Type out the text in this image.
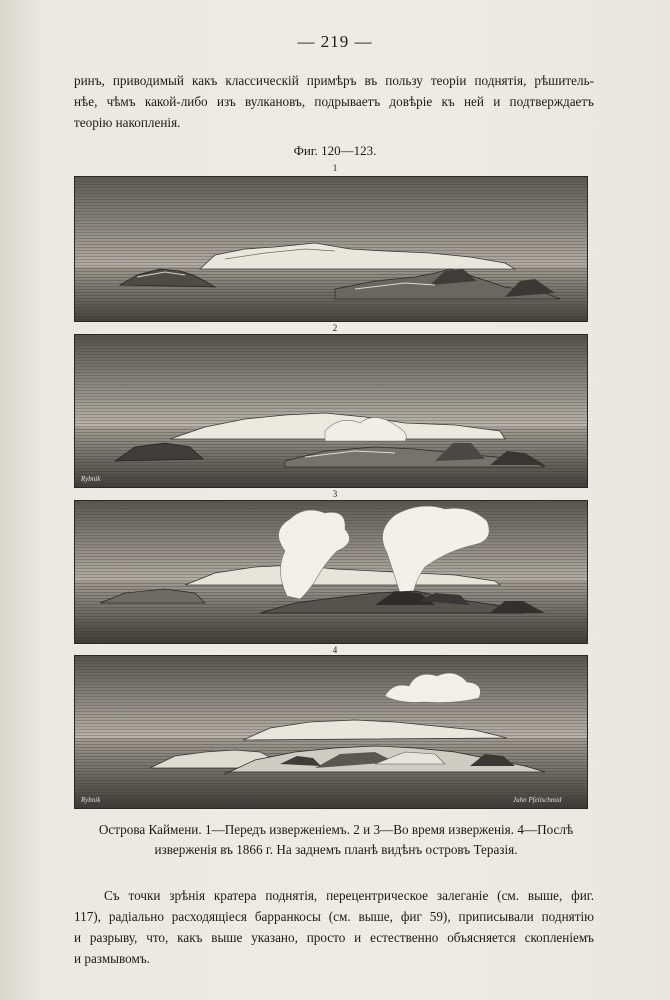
— 219 —
ринъ, приводимый какъ классическій примѣръ въ пользу теоріи поднятія, рѣшитель-
нѣе, чѣмъ какой-либо изъ вулкановъ, подрываетъ довѣріе къ ней и подтверждаетъ
теорію накопленія.
Фиг. 120—123.
1
2
Rybnik
3
4
Rybnik	Juhn Pfeilschmid
Острова Каймени. 1—Передъ изверженіемъ. 2 и 3—Во время изверженія. 4—Послѣ
изверженія въ 1866 г. На заднемъ планѣ видѣнъ островъ Теразія.
Съ точки зрѣнія кратера поднятія, перецентрическое залеганіе (см. выше, фиг.
117), радіально расходящіеся барранкосы (см. выше, фиг 59), приписывали поднятію
и разрыву, что, какъ выше указано, просто и естественно объясняется скопленіемъ
и размывомъ.
